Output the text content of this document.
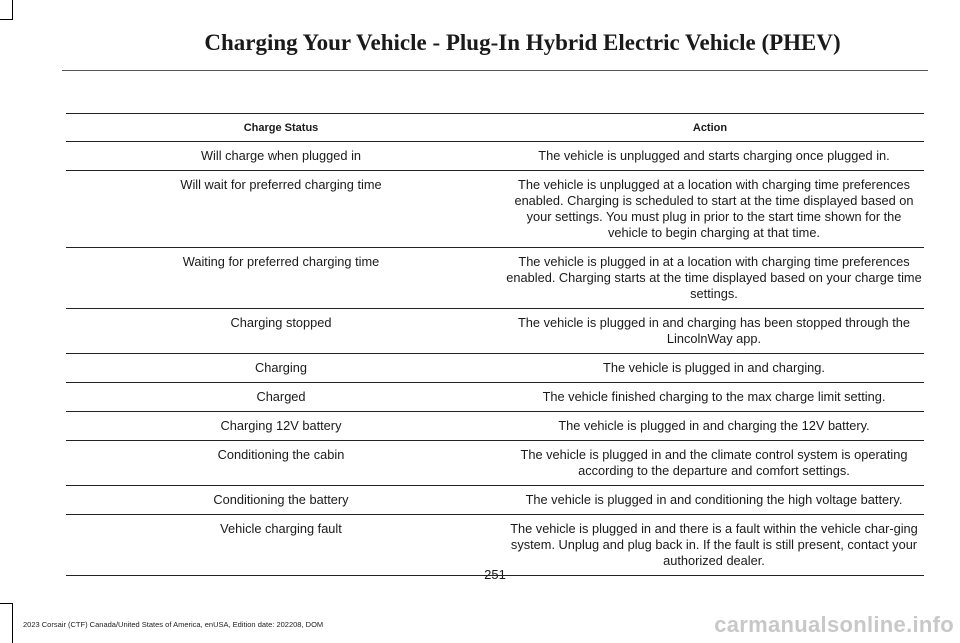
Charging Your Vehicle - Plug-In Hybrid Electric Vehicle (PHEV)
Charge Status	Action
Will charge when plugged in	The vehicle is unplugged and starts charging once plugged in.
Will wait for preferred charging time	The vehicle is unplugged at a location with charging time preferences enabled. Charging is scheduled to start at the time displayed based on your settings. You must plug in prior to the start time shown for the vehicle to begin charging at that time.
Waiting for preferred charging time	The vehicle is plugged in at a location with charging time preferences enabled. Charging starts at the time displayed based on your charge time settings.
Charging stopped	The vehicle is plugged in and charging has been stopped through the LincolnWay app.
Charging	The vehicle is plugged in and charging.
Charged	The vehicle finished charging to the max charge limit setting.
Charging 12V battery	The vehicle is plugged in and charging the 12V battery.
Conditioning the cabin	The vehicle is plugged in and the climate control system is operating according to the departure and comfort settings.
Conditioning the battery	The vehicle is plugged in and conditioning the high voltage battery.
Vehicle charging fault	The vehicle is plugged in and there is a fault within the vehicle char-ging system. Unplug and plug back in. If the fault is still present, contact your authorized dealer.
251
2023 Corsair (CTF) Canada/United States of America, enUSA, Edition date: 202208, DOM	carmanualsonline.info
